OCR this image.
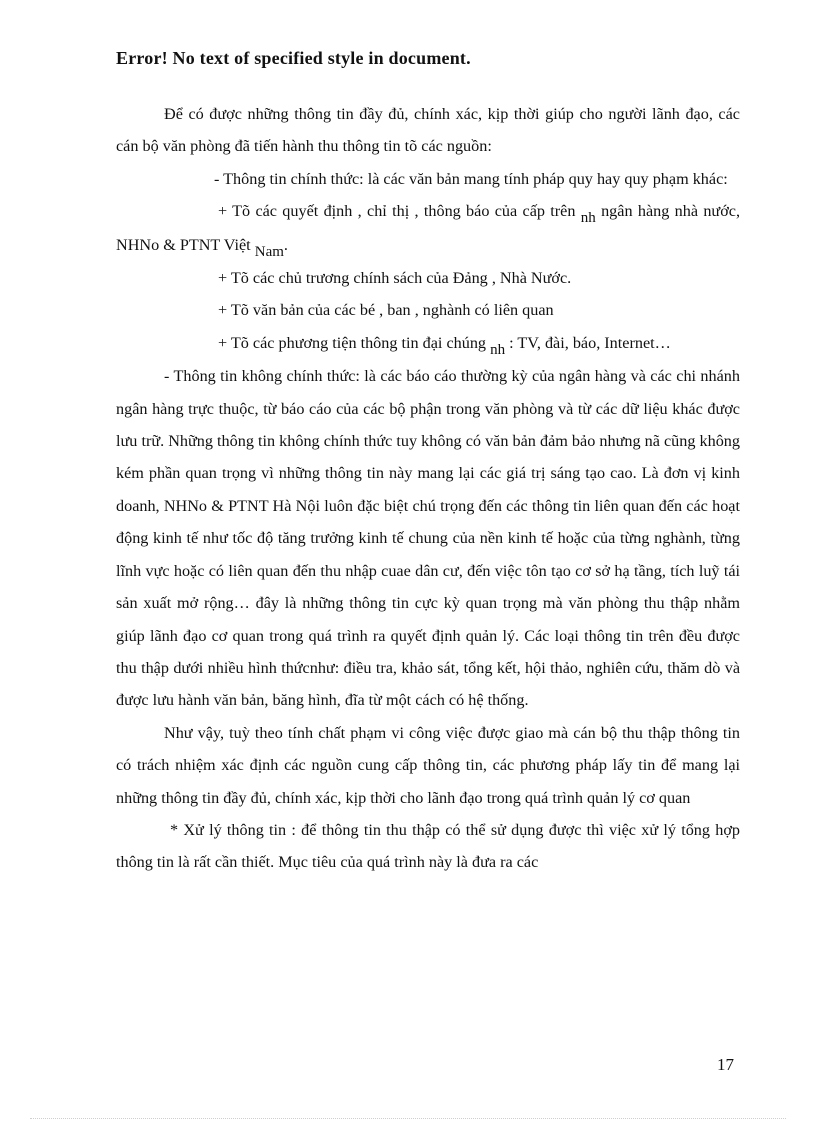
Error! No text of specified style in document.

Để có được những thông tin đầy đủ, chính xác, kịp thời giúp cho người lãnh đạo, các cán bộ văn phòng đã tiến hành thu thông tin tõ các nguồn:

- Thông tin chính thức: là các văn bản mang tính pháp quy hay quy phạm khác:

+ Tõ các quyết định , chỉ thị , thông báo của cấp trên nh ngân hàng nhà nước, NHNo & PTNT Việt Nam.

+ Tõ các chủ trương chính sách của Đảng , Nhà Nước.

+ Tõ văn bản của các bé , ban , nghành có liên quan

+ Tõ các phương tiện thông tin đại chúng nh : TV, đài, báo, Internet…

- Thông tin không chính thức: là các báo cáo thường kỳ của ngân hàng và các chi nhánh ngân hàng trực thuộc, từ báo cáo của các bộ phận trong văn phòng và từ các dữ liệu khác được lưu trữ. Những thông tin không chính thức tuy không có văn bản đảm bảo nhưng nã cũng không kém phần quan trọng vì những thông tin này mang lại các giá trị sáng tạo cao. Là đơn vị kinh doanh, NHNo & PTNT Hà Nội luôn đặc biệt chú trọng đến các thông tin liên quan đến các hoạt động kinh tế như tốc độ tăng trưởng kinh tế chung của nền kinh tế hoặc của từng nghành, từng lĩnh vực hoặc có liên quan đến thu nhập cuae dân cư, đến việc tôn tạo cơ sở hạ tầng, tích luỹ tái sản xuất mở rộng… đây là những thông tin cực kỳ quan trọng mà văn phòng thu thập nhằm giúp lãnh đạo cơ quan trong quá trình ra quyết định quản lý. Các loại thông tin trên đều được thu thập dưới nhiều hình thứcnhư: điều tra, khảo sát, tổng kết, hội thảo, nghiên cứu, thăm dò và được lưu hành văn bản, băng hình, đĩa từ một cách có hệ thống.

Như vậy, tuỳ theo tính chất phạm vi công việc được giao mà cán bộ thu thập thông tin có trách nhiệm xác định các nguồn cung cấp thông tin, các phương pháp lấy tin để mang lại những thông tin đầy đủ, chính xác, kịp thời cho lãnh đạo trong quá trình quản lý cơ quan

* Xử lý thông tin : để thông tin thu thập có thể sử dụng được thì việc xử lý tổng hợp thông tin là rất cần thiết. Mục tiêu của quá trình này là đưa ra các

17
